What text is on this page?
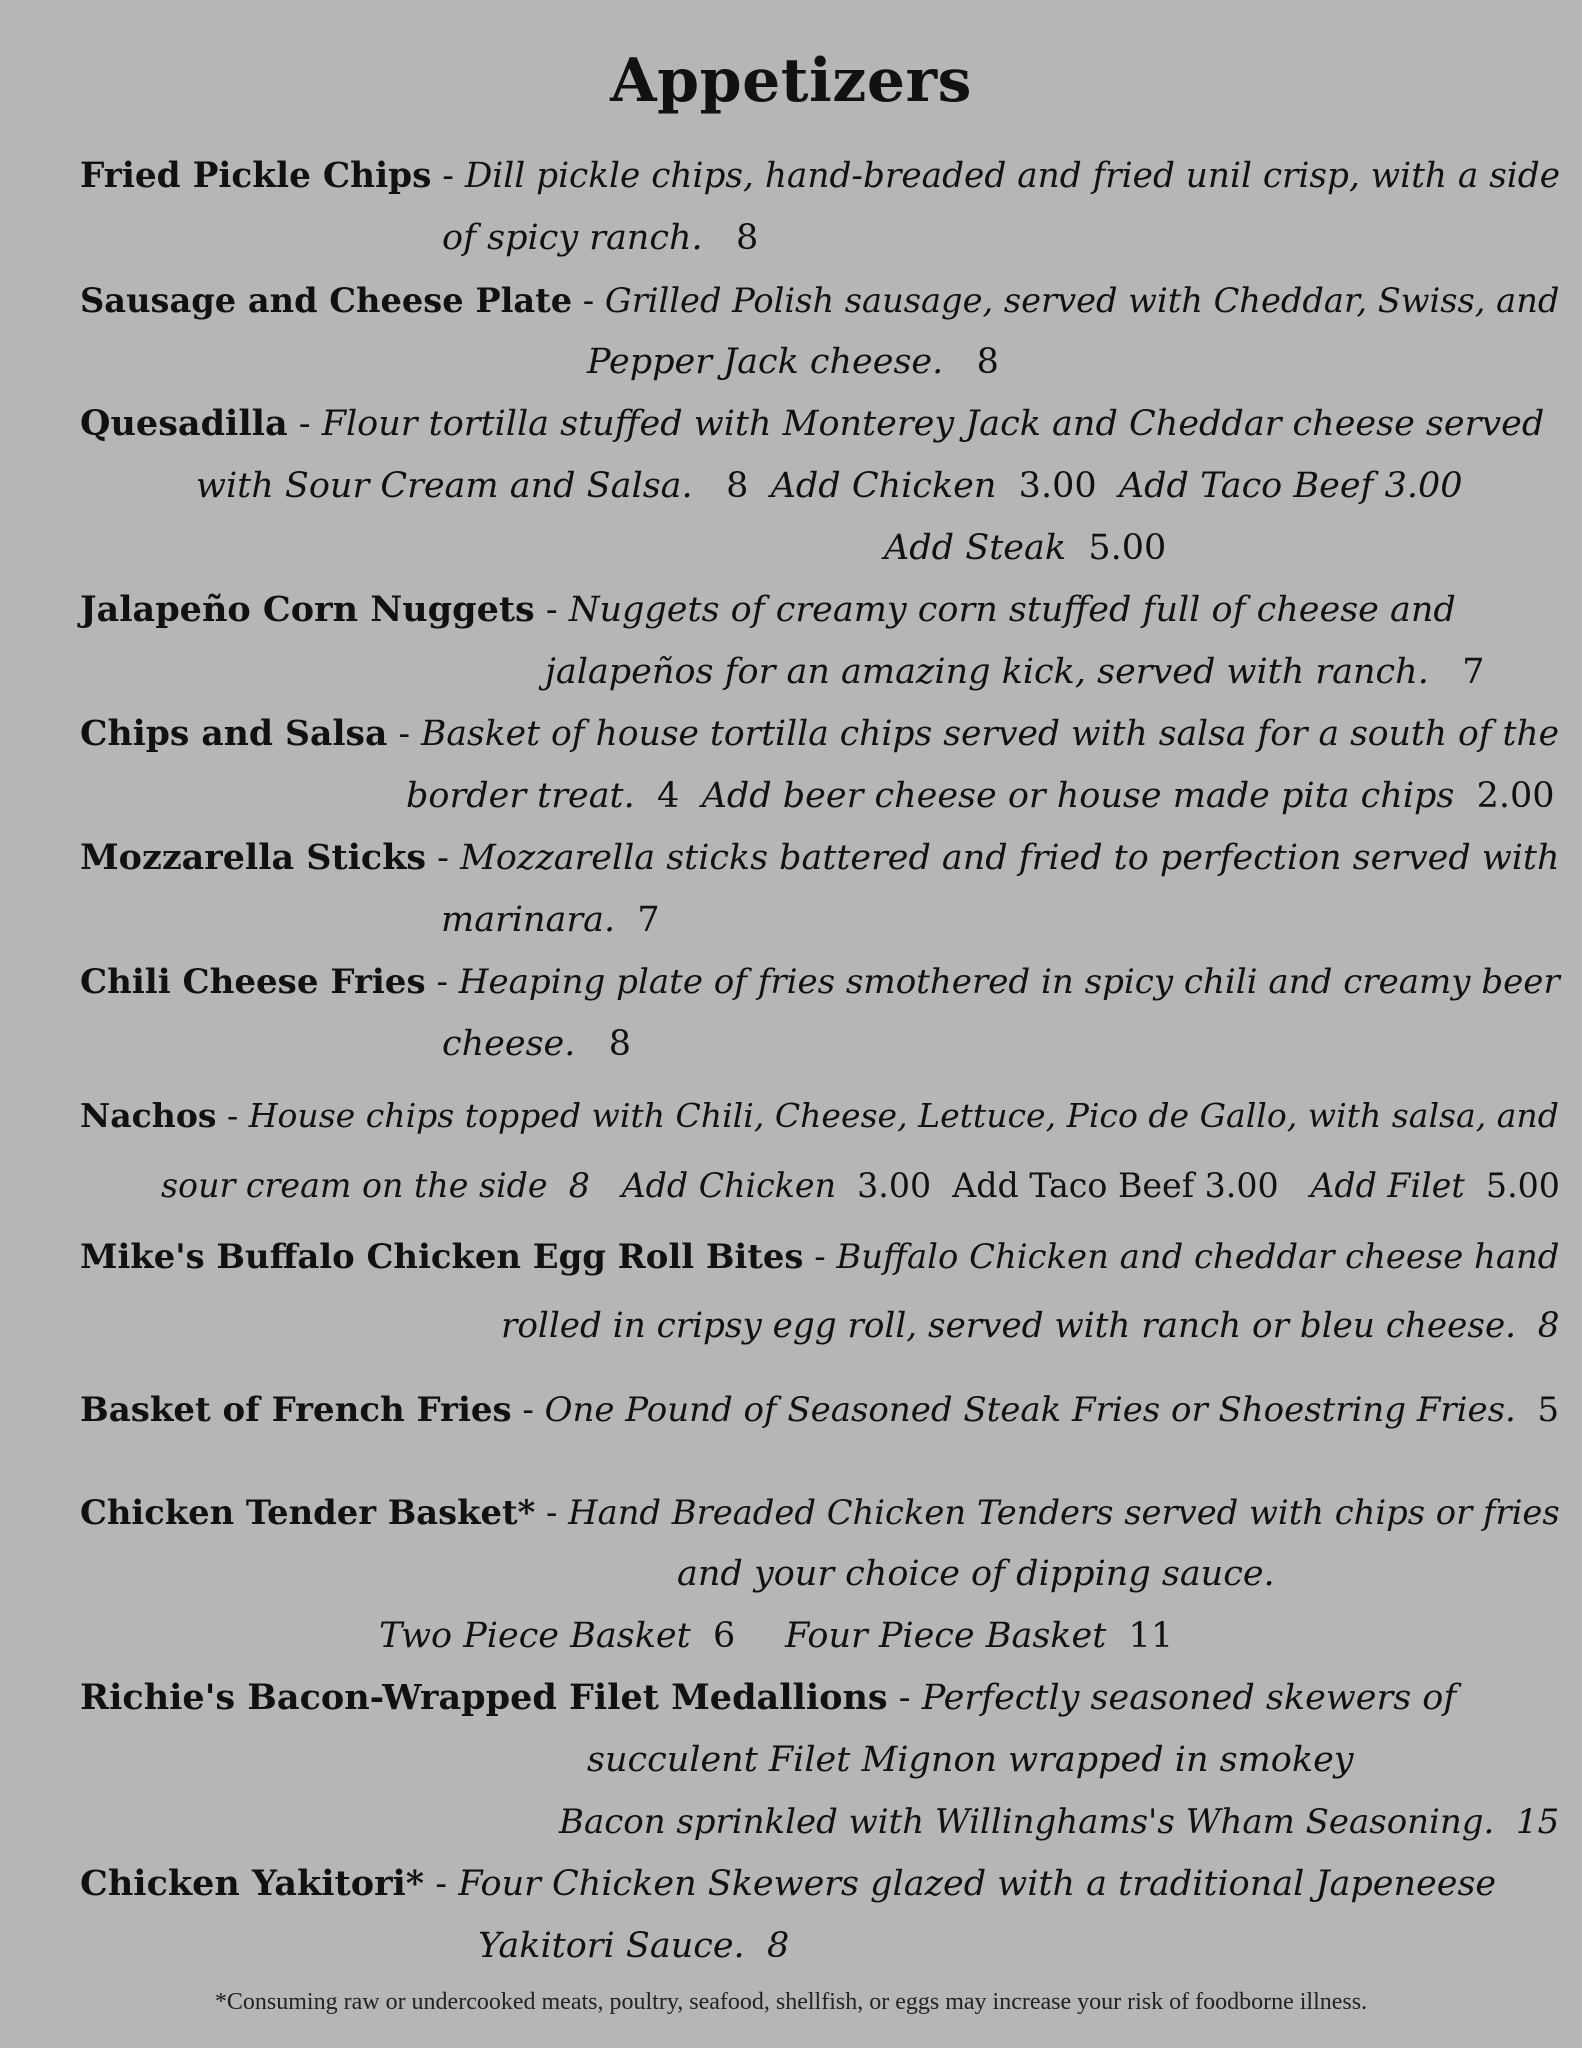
Appetizers
Fried Pickle Chips - Dill pickle chips, hand-breaded and fried unil crisp, with a side
of spicy ranch. 8
Sausage and Cheese Plate - Grilled Polish sausage, served with Cheddar, Swiss, and
Pepper Jack cheese. 8
Quesadilla - Flour tortilla stuffed with Monterey Jack and Cheddar cheese served
with Sour Cream and Salsa. 8 Add Chicken 3.00 Add Taco Beef 3.00
Add Steak 5.00
Jalapeño Corn Nuggets - Nuggets of creamy corn stuffed full of cheese and
jalapeños for an amazing kick, served with ranch. 7
Chips and Salsa - Basket of house tortilla chips served with salsa for a south of the
border treat. 4 Add beer cheese or house made pita chips 2.00
Mozzarella Sticks - Mozzarella sticks battered and fried to perfection served with
marinara. 7
Chili Cheese Fries - Heaping plate of fries smothered in spicy chili and creamy beer
cheese. 8
Nachos - House chips topped with Chili, Cheese, Lettuce, Pico de Gallo, with salsa, and
sour cream on the side 8 Add Chicken 3.00 Add Taco Beef 3.00 Add Filet 5.00
Mike's Buffalo Chicken Egg Roll Bites - Buffalo Chicken and cheddar cheese hand
rolled in cripsy egg roll, served with ranch or bleu cheese. 8
Basket of French Fries - One Pound of Seasoned Steak Fries or Shoestring Fries. 5
Chicken Tender Basket* - Hand Breaded Chicken Tenders served with chips or fries
and your choice of dipping sauce.
Two Piece Basket 6 Four Piece Basket 11
Richie's Bacon-Wrapped Filet Medallions - Perfectly seasoned skewers of
succulent Filet Mignon wrapped in smokey
Bacon sprinkled with Willinghams's Wham Seasoning. 15
Chicken Yakitori* - Four Chicken Skewers glazed with a traditional Japeneese
Yakitori Sauce. 8
*Consuming raw or undercooked meats, poultry, seafood, shellfish, or eggs may increase your risk of foodborne illness.
